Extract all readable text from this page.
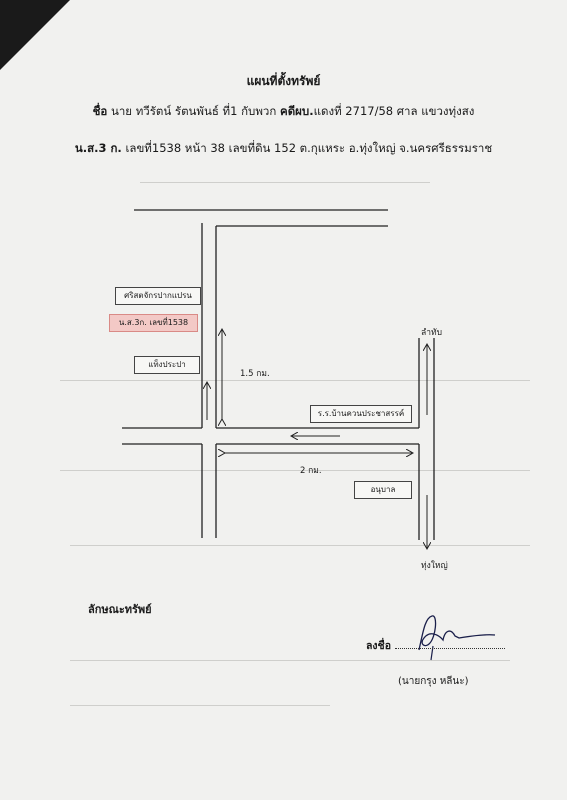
แผนที่ตั้งทรัพย์
ชื่อ นาย ทวีรัตน์ รัตนพันธ์ ที่1 กับพวก คดีผบ.แดงที่ 2717/58 ศาล แขวงทุ่งสง
น.ส.3 ก. เลขที่1538 หน้า 38 เลขที่ดิน 152 ต.กุแหระ อ.ทุ่งใหญ่ จ.นครศรีธรรมราช
ศริสตจักรปากแปรน
น.ส.3ก. เลขที่1538
แท็งประปา
1.5 กม.
ร.ร.บ้านควนประชาสรรค์
2 กม.
อนุบาล
ลำทับ
ทุ่งใหญ่
ลักษณะทรัพย์
ลงชื่อ
(นายกรุง หลีนะ)
